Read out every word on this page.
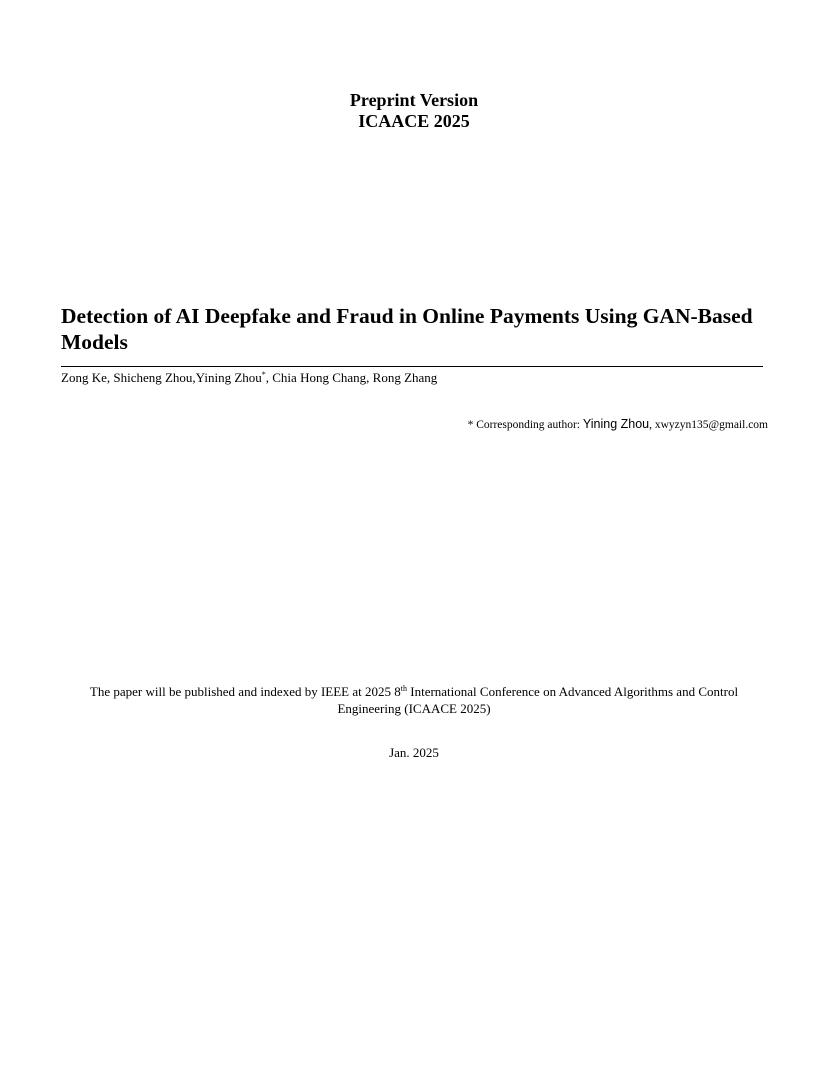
Preprint Version
ICAACE 2025
Detection of AI Deepfake and Fraud in Online Payments Using GAN-Based Models
Zong Ke, Shicheng Zhou,Yining Zhou*, Chia Hong Chang, Rong Zhang
* Corresponding author: Yining Zhou, xwyzyn135@gmail.com
The paper will be published and indexed by IEEE at 2025 8th International Conference on Advanced Algorithms and Control Engineering (ICAACE 2025)
Jan. 2025
